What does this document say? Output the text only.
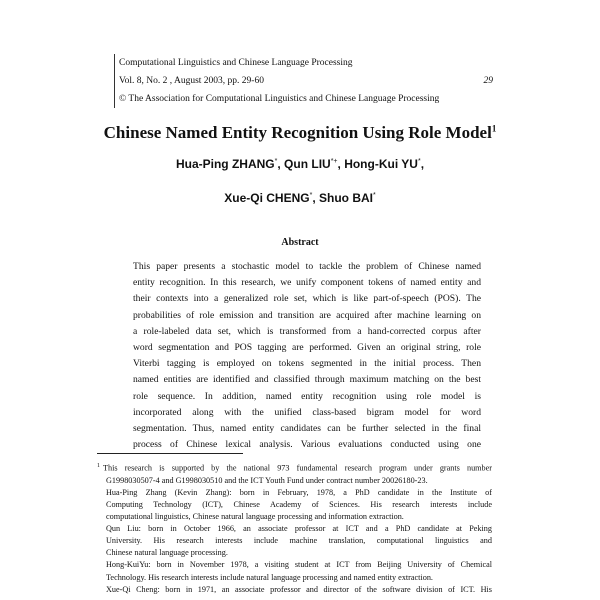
Computational Linguistics and Chinese Language Processing
Vol. 8, No. 2 , August 2003, pp. 29-60	29
© The Association for Computational Linguistics and Chinese Language Processing
Chinese Named Entity Recognition Using Role Model$^1$
Hua-Ping ZHANG*, Qun LIU*+, Hong-Kui YU*,
Xue-Qi CHENG*, Shuo BAI*
Abstract
This paper presents a stochastic model to tackle the problem of Chinese named
entity recognition. In this research, we unify component tokens of named entity and
their contexts into a generalized role set, which is like part-of-speech (POS). The
probabilities of role emission and transition are acquired after machine learning on
a role-labeled data set, which is transformed from a hand-corrected corpus after
word segmentation and POS tagging are performed. Given an original string, role
Viterbi tagging is employed on tokens segmented in the initial process. Then
named entities are identified and classified through maximum matching on the best
role sequence. In addition, named entity recognition using role model is
incorporated along with the unified class-based bigram model for word
segmentation. Thus, named entity candidates can be further selected in the final
process of Chinese lexical analysis. Various evaluations conducted using one
$^1$ This research is supported by the national 973 fundamental research program under grants number
G1998030507-4 and G1998030510 and the ICT Youth Fund under contract number 20026180-23.
Hua-Ping Zhang (Kevin Zhang): born in February, 1978, a PhD candidate in the Institute of
Computing Technology (ICT), Chinese Academy of Sciences. His research interests include
computational linguistics, Chinese natural language processing and information extraction.
Qun Liu: born in October 1966, an associate professor at ICT and a PhD candidate at Peking
University. His research interests include machine translation, computational linguistics and
Chinese natural language processing.
Hong-KuiYu: born in November 1978, a visiting student at ICT from Beijing University of Chemical
Technology. His research interests include natural language processing and named entity extraction.
Xue-Qi Cheng: born in 1971, an associate professor and director of the software division of ICT. His
